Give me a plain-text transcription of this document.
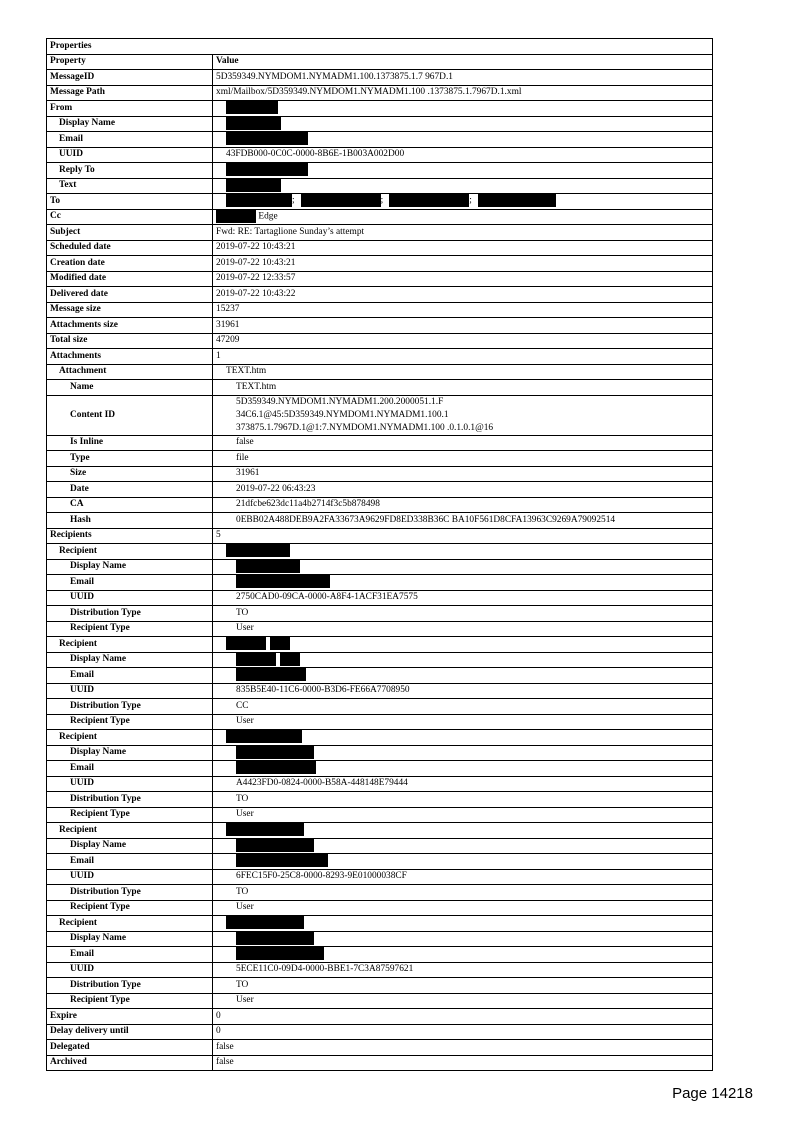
Properties	
Property	Value
MessageID	5D359349.NYMDOM1.NYMADM1.100.1373875.1.7 967D.1
Message Path	xml/Mailbox/5D359349.NYMDOM1.NYMADM1.100 .1373875.1.7967D.1.xml
From	
Display Name	
Email	
UUID	43FDB000-0C0C-0000-8B6E-1B003A002D00
Reply To	
Text	
To	; ; ;
Cc	Edge
Subject	Fwd: RE: Tartaglione Sunday’s attempt
Scheduled date	2019-07-22 10:43:21
Creation date	2019-07-22 10:43:21
Modified date	2019-07-22 12:33:57
Delivered date	2019-07-22 10:43:22
Message size	15237
Attachments size	31961
Total size	47209
Attachments	1
Attachment	TEXT.htm
Name	TEXT.htm
Content ID	5D359349.NYMDOM1.NYMADM1.200.2000051.1.F
34C6.1@45:5D359349.NYMDOM1.NYMADM1.100.1
373875.1.7967D.1@1:7.NYMDOM1.NYMADM1.100 .0.1.0.1@16

Is Inline	false
Type	file
Size	31961
Date	2019-07-22 06:43:23
CA	21dfcbe623dc11a4b2714f3c5b878498
Hash	0EBB02A488DEB9A2FA33673A9629FD8ED338B36C BA10F561D8CFA13963C9269A79092514
Recipients	5
Recipient	
Display Name	
Email	
UUID	2750CAD0-09CA-0000-A8F4-1ACF31EA7575
Distribution Type	TO
Recipient Type	User
Recipient	
Display Name	
Email	
UUID	835B5E40-11C6-0000-B3D6-FE66A7708950
Distribution Type	CC
Recipient Type	User
Recipient	
Display Name	
Email	
UUID	A4423FD0-0824-0000-B58A-448148E79444
Distribution Type	TO
Recipient Type	User
Recipient	
Display Name	
Email	
UUID	6FEC15F0-25C8-0000-8293-9E01000038CF
Distribution Type	TO
Recipient Type	User
Recipient	
Display Name	
Email	
UUID	5ECE11C0-09D4-0000-BBE1-7C3A87597621
Distribution Type	TO
Recipient Type	User
Expire	0
Delay delivery until	0
Delegated	false
Archived	false
Page 14218
